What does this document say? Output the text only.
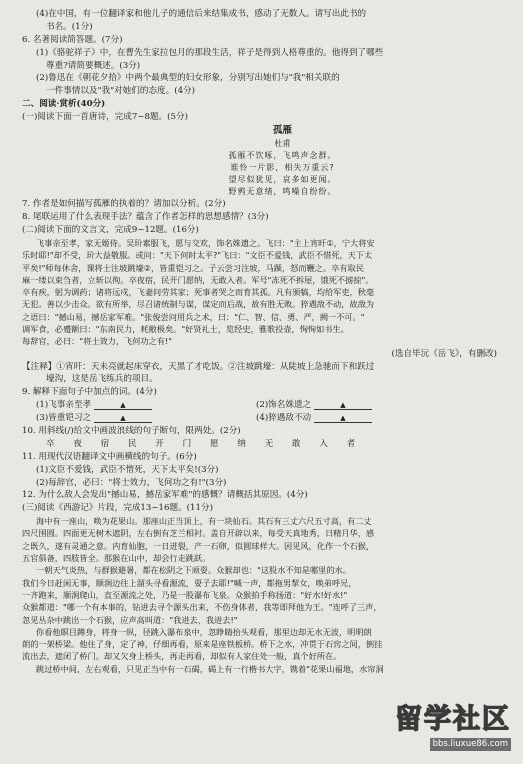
(4)在中国，有一位翻译家和他儿子的通信后来结集成书，感动了无数人。请写出此书的
书名。(1分)
6. 名著阅读简答题。(7分)
(1)《骆驼祥子》中，在曹先生家拉包月的那段生活，祥子是得到人格尊重的。他得到了哪些
尊重?请简要概述。(3分)
(2)鲁迅在《朝花夕拾》中两个最典型的妇女形象，分别写出她们与"我"相关联的
一件事情以及"我"对她们的态度。(4分)
二、阅读·赏析(40分)
(一)阅读下面一首唐诗，完成7~8题。(5分)
孤雁
杜甫
孤雁不饮啄，飞鸣声念群。
谁怜一片影，相失万重云?
望尽似犹见，哀多如更闻。
野鸦无意绪，鸣噪自纷纷。
7. 作者是如何描写孤雁的执着的？请加以分析。(2分)
8. 尾联运用了什么表现手法？蕴含了作者怎样的思想感情？(3分)
(二)阅读下面的文言文，完成9~12题。(16分)
飞事亲至孝，家无姬侍。吴玠素服飞，愿与交欢，饰名姝遗之。飞曰："主上宵旰①，宁大将安
乐时耶!"却不受，玠大益敬服。或问："天下何时太平?"飞曰："文臣不爱钱，武臣不惜死，天下太
平矣!"师每休舍，课将士注坡跳壕②，皆重铠习之。子云尝习注坡，马踬，怒而鞭之。卒有取民
麻一缕以束刍者，立斩以徇。卒夜宿，民开门愿纳，无敢入者。军号"冻死不拆屋，饿死不掳掠"。
卒有疾，躬为调药；诸将远戍，飞妻问劳其家；死事者哭之而育其孤。凡有颁犒，均给军吏，秋毫
无犯。善以少击众。欲有所举，尽召诸统制与谋，谋定而后战，故有胜无败。猝遇敌不动，故敌为
之语曰："撼山易，撼岳家军难。"张俊尝问用兵之术，曰："仁、智、信、勇、严，阙一不可。"
调军食，必蹙额曰："东南民力，耗敝极矣。"好贤礼士，览经史，雅歌投壶，恂恂如书生。
每辞官，必曰："将士效力，飞何功之有!"
(选自毕沅《岳飞》，有删改)
【注释】①宵旰：天未亮就起床穿衣，天黑了才吃饭。②注坡跳壕：从陡坡上急驰而下和跃过
壕沟，这是岳飞练兵的项目。
9. 解释下面句子中加点的词。(4分)
(1)飞事亲至孝	▲	(2)饰名姝遗之	▲
(3)皆重铠习之	▲	(4)猝遇敌不动	▲
10. 用斜线(/)给文中画波浪线的句子断句，限两处。(2分)
卒 夜 宿 民 开 门 愿 纳 无 敢 入 者
11. 用现代汉语翻译文中画横线的句子。(6分)
(1)文臣不爱钱，武臣不惜死，天下太平矣!(3分)
(2)每辞官，必曰："将士效力，飞何功之有!"(3分)
12. 为什么敌人会发出"撼山易，撼岳家军难"的感慨？请概括其原因。(4分)
(三)阅读《西游记》片段，完成13~16题。(11分)
海中有一座山，唤为花果山。那座山正当顶上，有一块仙石。其石有三丈六尺五寸高，有二丈
四尺围圆。四面更无树木遮阴，左右倒有芝兰相衬。盖自开辟以来，每受天真地秀，日精月华，感
之既久，遂有灵通之意。内育仙胞，一日迸裂，产一石卵，似圆球样大。因见风，化作一个石猴，
五官俱备，四肢皆全。那猴在山中，却会行走跳跃。
一朝天气炎热，与群猴避暑，都在松阴之下顽耍。众猴却也："这股水不知是哪里的水。
我们今日赶闲无事，顺涧边往上溜头寻看源流，耍子去耶!"喊一声，都拖男挈女，唤弟呼兄，
一齐跑来，顺涧爬山，直至源流之处，乃是一股瀑布飞泉。众猴拍手称扬道："好水!好水!"
众猴都道："哪一个有本事的，钻进去寻个源头出来，不伤身体者，我等即拜他为王。"连呼了三声，
忽见丛杂中跳出一个石猴，应声高叫道："我进去，我进去!"
你看他瞑目蹲身，将身一纵，径跳入瀑布泉中，忽睁睛抬头观看，那里边却无水无波，明明朗
朗的一架桥梁。他住了身，定了神，仔细再看，原来是座铁板桥。桥下之水，冲贯于石窍之间，倒挂
流出去，遮闭了桥门。却又欠身上桥头，再走再看，却似有人家住处一般，真个好所在。
跳过桥中间，左右观看，只见正当中有一石碣，碣上有一行楷书大字，镌着"花果山福地，水帘洞
留学社区
bbs.liuxue86.com
